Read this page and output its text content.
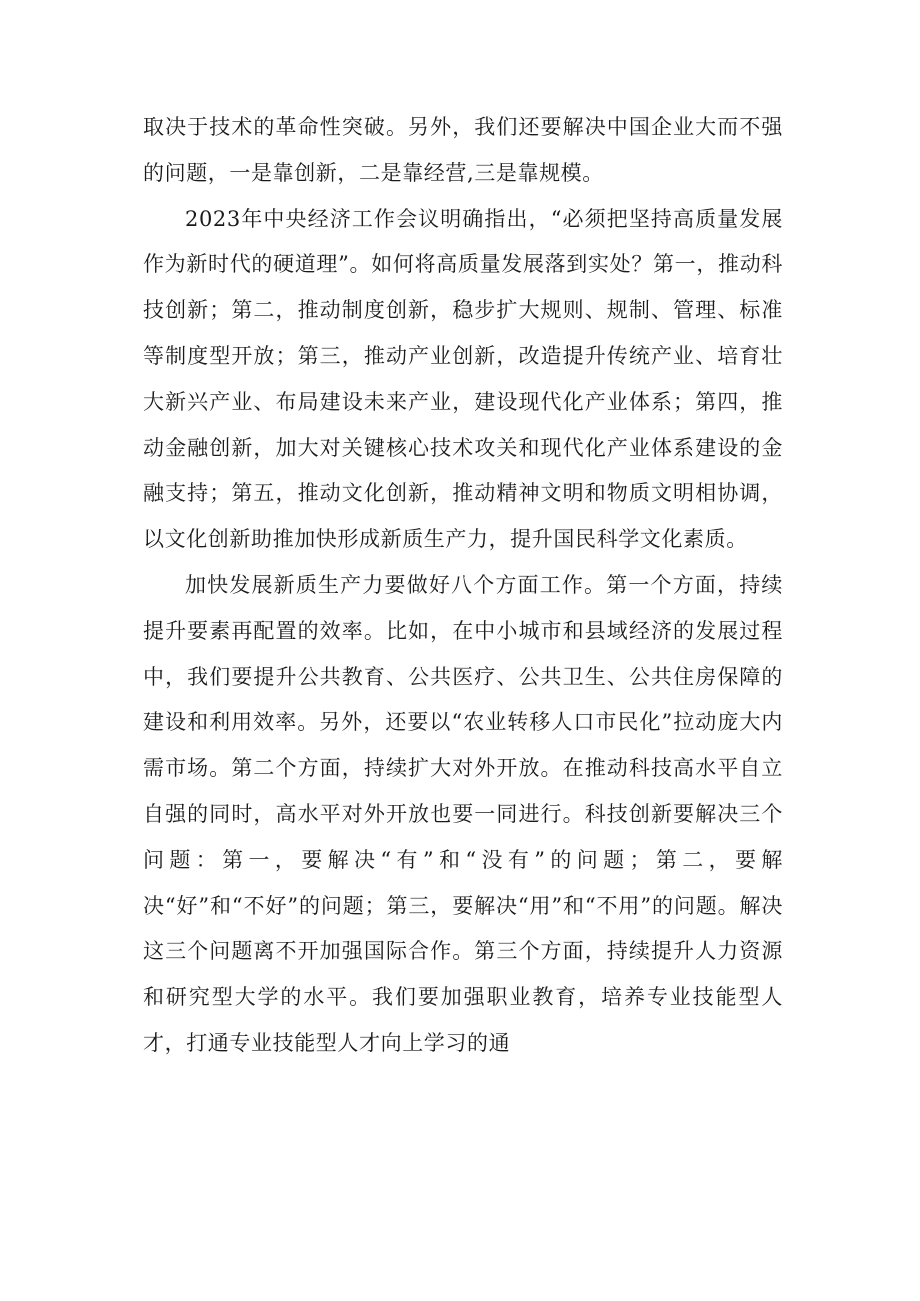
取决于技术的革命性突破。另外，我们还要解决中国企业大而不强的问题，一是靠创新，二是靠经营,三是靠规模。

2023年中央经济工作会议明确指出，“必须把坚持高质量发展作为新时代的硬道理”。如何将高质量发展落到实处？第一，推动科技创新；第二，推动制度创新，稳步扩大规则、规制、管理、标准等制度型开放；第三，推动产业创新，改造提升传统产业、培育壮大新兴产业、布局建设未来产业，建设现代化产业体系；第四，推动金融创新，加大对关键核心技术攻关和现代化产业体系建设的金融支持；第五，推动文化创新，推动精神文明和物质文明相协调，以文化创新助推加快形成新质生产力，提升国民科学文化素质。

加快发展新质生产力要做好八个方面工作。第一个方面，持续提升要素再配置的效率。比如，在中小城市和县域经济的发展过程中，我们要提升公共教育、公共医疗、公共卫生、公共住房保障的建设和利用效率。另外，还要以“农业转移人口市民化”拉动庞大内需市场。第二个方面，持续扩大对外开放。在推动科技高水平自立自强的同时，高水平对外开放也要一同进行。科技创新要解决三个问题：第一，要解决“有”和“没有”的问题；第二，要解决“好”和“不好”的问题；第三，要解决“用”和“不用”的问题。解决这三个问题离不开加强国际合作。第三个方面，持续提升人力资源和研究型大学的水平。我们要加强职业教育，培养专业技能型人才，打通专业技能型人才向上学习的通
